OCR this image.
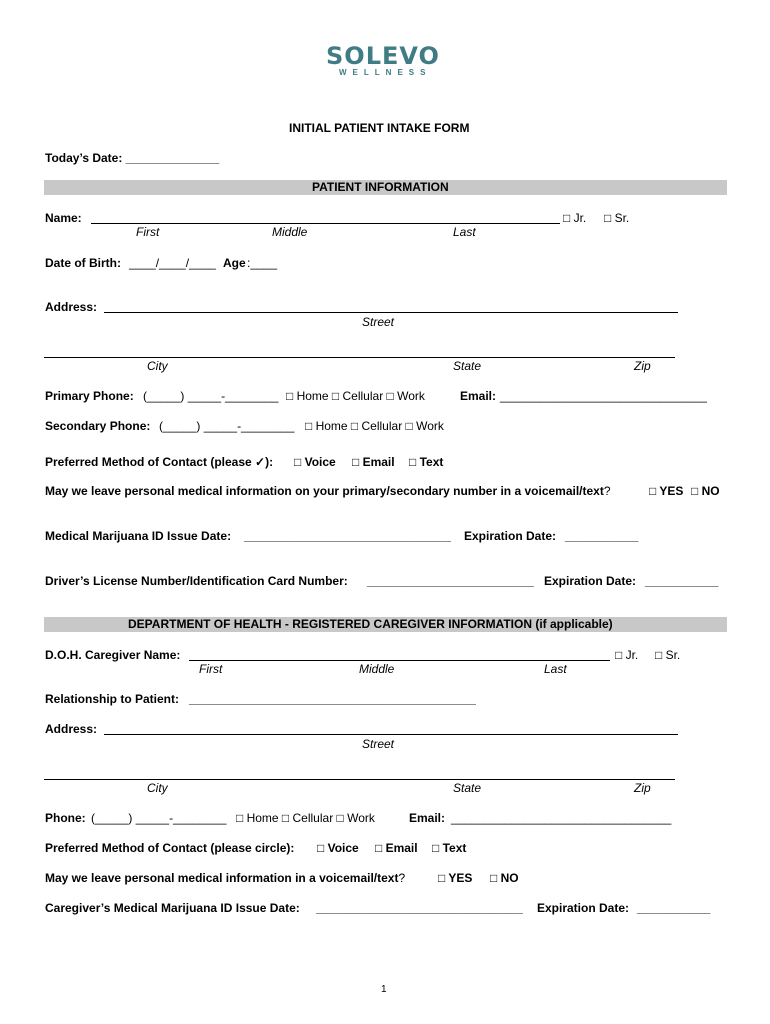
SOLEVO
WELLNESS
INITIAL PATIENT INTAKE FORM
Today’s Date: ______________
PATIENT INFORMATION
Name:	□ Jr. □ Sr.
First	Middle	Last
Date of Birth: ____/____/____ Age :____
Address:
Street
City	State	Zip
Primary Phone: (_____) _____-________ □ Home □ Cellular □ Work	Email: _______________________________
Secondary Phone: (_____) _____-________ □ Home □ Cellular □ Work
Preferred Method of Contact (please ✓): □ Voice □ Email □ Text
May we leave personal medical information on your primary/secondary number in a voicemail/text?	□ YES □ NO
Medical Marijuana ID Issue Date: _______________________________ Expiration Date: ___________
Driver’s License Number/Identification Card Number: _________________________ Expiration Date: ___________
DEPARTMENT OF HEALTH - REGISTERED CAREGIVER INFORMATION (if applicable)
D.O.H. Caregiver Name:	□ Jr. □ Sr.
First	Middle	Last
Relationship to Patient: ___________________________________________
Address:
Street
City	State	Zip
Phone: (_____) _____-________ □ Home □ Cellular □ Work	Email: _________________________________
Preferred Method of Contact (please circle): □ Voice □ Email □ Text
May we leave personal medical information in a voicemail/text?	□ YES □ NO
Caregiver’s Medical Marijuana ID Issue Date: _______________________________ Expiration Date: ___________
1
